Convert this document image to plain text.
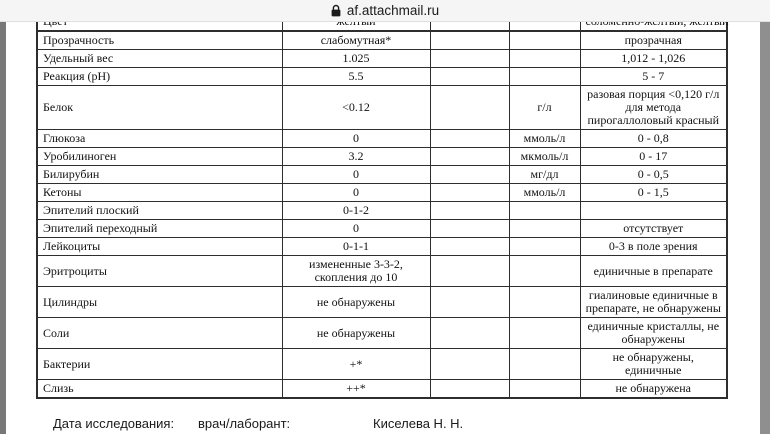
af.attachmail.ru

Прозрачность	слабомутная*			прозрачная
Удельный вес	1.025			1,012 - 1,026
Реакция (pH)	5.5			5 - 7
Белок	<0.12		г/л	разовая порция <0,120 г/л для метода пирогаллоловый красный
Глюкоза	0		ммоль/л	0 - 0,8
Уробилиноген	3.2		мкмоль/л	0 - 17
Билирубин	0		мг/дл	0 - 0,5
Кетоны	0		ммоль/л	0 - 1,5
Эпителий плоский	0-1-2			
Эпителий переходный	0			отсутствует
Лейкоциты	0-1-1			0-3 в поле зрения
Эритроциты	измененные 3-3-2, скопления до 10			единичные в препарате
Цилиндры	не обнаружены			гиалиновые единичные в препарате, не обнаружены
Соли	не обнаружены			единичные кристаллы, не обнаружены
Бактерии	+*			не обнаружены, единичные
Слизь	++*			не обнаружена
Дата исследования: врач/лаборант:	Киселева Н. Н.
